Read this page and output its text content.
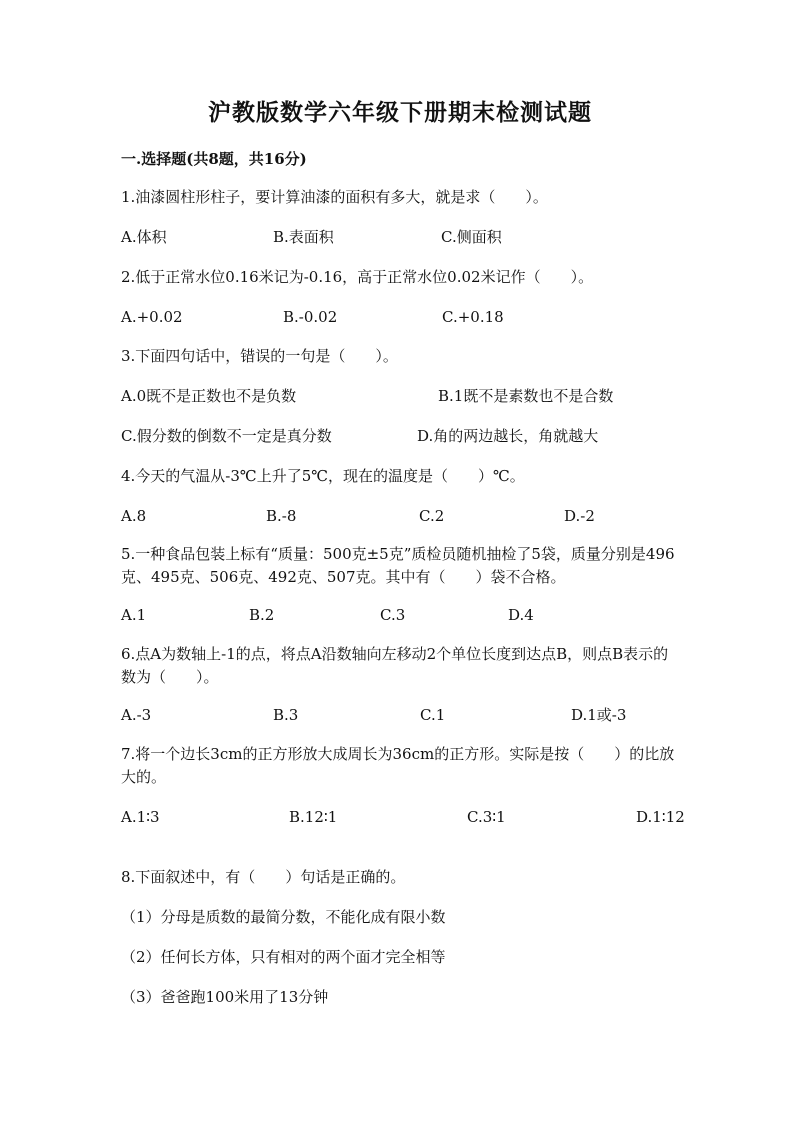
沪教版数学六年级下册期末检测试题
一.选择题(共8题，共16分)
1.油漆圆柱形柱子，要计算油漆的面积有多大，就是求（　　）。
A.体积	B.表面积	C.侧面积
2.低于正常水位0.16米记为-0.16，高于正常水位0.02米记作（　　）。
A.+0.02	B.-0.02	C.+0.18
3.下面四句话中，错误的一句是（　　）。
A.0既不是正数也不是负数	B.1既不是素数也不是合数
C.假分数的倒数不一定是真分数	D.角的两边越长，角就越大
4.今天的气温从-3℃上升了5℃，现在的温度是（　　）℃。
A.8	B.-8	C.2	D.-2
5.一种食品包装上标有“质量：500克±5克”质检员随机抽检了5袋，质量分别是496克、495克、506克、492克、507克。其中有（　　）袋不合格。
A.1	B.2	C.3	D.4
6.点A为数轴上-1的点，将点A沿数轴向左移动2个单位长度到达点B，则点B表示的数为（　　）。
A.-3	B.3	C.1	D.1或-3
7.将一个边长3cm的正方形放大成周长为36cm的正方形。实际是按（　　）的比放大的。
A.1∶3	B.12∶1	C.3∶1	D.1∶12
8.下面叙述中，有（　　）句话是正确的。
（1）分母是质数的最简分数，不能化成有限小数
（2）任何长方体，只有相对的两个面才完全相等
（3）爸爸跑100米用了13分钟
